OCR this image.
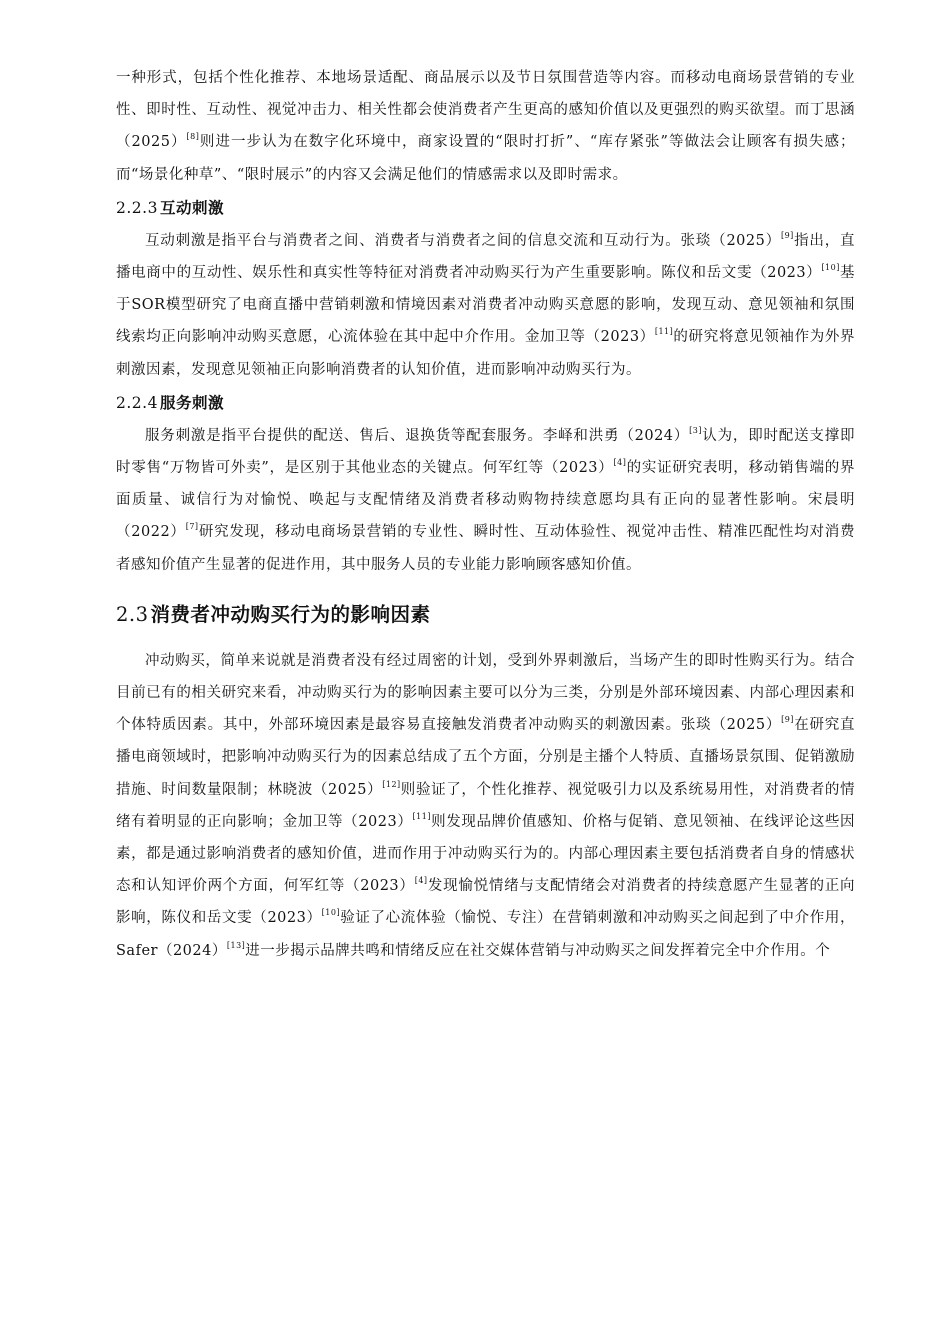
一种形式，包括个性化推荐、本地场景适配、商品展示以及节日氛围营造等内容。而移动电商场景营销的专业性、即时性、互动性、视觉冲击力、相关性都会使消费者产生更高的感知价值以及更强烈的购买欲望。而丁思涵（2025）[8]则进一步认为在数字化环境中，商家设置的“限时打折”、“库存紧张”等做法会让顾客有损失感；而“场景化种草”、“限时展示”的内容又会满足他们的情感需求以及即时需求。

2.2.3 互动刺激

互动刺激是指平台与消费者之间、消费者与消费者之间的信息交流和互动行为。张琰（2025）[9]指出，直播电商中的互动性、娱乐性和真实性等特征对消费者冲动购买行为产生重要影响。陈仪和岳文雯（2023）[10]基于SOR模型研究了电商直播中营销刺激和情境因素对消费者冲动购买意愿的影响，发现互动、意见领袖和氛围线索均正向影响冲动购买意愿，心流体验在其中起中介作用。金加卫等（2023）[11]的研究将意见领袖作为外界刺激因素，发现意见领袖正向影响消费者的认知价值，进而影响冲动购买行为。

2.2.4 服务刺激

服务刺激是指平台提供的配送、售后、退换货等配套服务。李峄和洪勇（2024）[3]认为，即时配送支撑即时零售“万物皆可外卖”，是区别于其他业态的关键点。何军红等（2023）[4]的实证研究表明，移动销售端的界面质量、诚信行为对愉悦、唤起与支配情绪及消费者移动购物持续意愿均具有正向的显著性影响。宋晨明（2022）[7]研究发现，移动电商场景营销的专业性、瞬时性、互动体验性、视觉冲击性、精准匹配性均对消费者感知价值产生显著的促进作用，其中服务人员的专业能力影响顾客感知价值。

2.3 消费者冲动购买行为的影响因素

冲动购买，简单来说就是消费者没有经过周密的计划，受到外界刺激后，当场产生的即时性购买行为。结合目前已有的相关研究来看，冲动购买行为的影响因素主要可以分为三类，分别是外部环境因素、内部心理因素和个体特质因素。其中，外部环境因素是最容易直接触发消费者冲动购买的刺激因素。张琰（2025）[9]在研究直播电商领域时，把影响冲动购买行为的因素总结成了五个方面，分别是主播个人特质、直播场景氛围、促销激励措施、时间数量限制；林晓波（2025）[12]则验证了，个性化推荐、视觉吸引力以及系统易用性，对消费者的情绪有着明显的正向影响；金加卫等（2023）[11]则发现品牌价值感知、价格与促销、意见领袖、在线评论这些因素，都是通过影响消费者的感知价值，进而作用于冲动购买行为的。内部心理因素主要包括消费者自身的情感状态和认知评价两个方面，何军红等（2023）[4]发现愉悦情绪与支配情绪会对消费者的持续意愿产生显著的正向影响，陈仪和岳文雯（2023）[10]验证了心流体验（愉悦、专注）在营销刺激和冲动购买之间起到了中介作用，Safer（2024）[13]进一步揭示品牌共鸣和情绪反应在社交媒体营销与冲动购买之间发挥着完全中介作用。个
